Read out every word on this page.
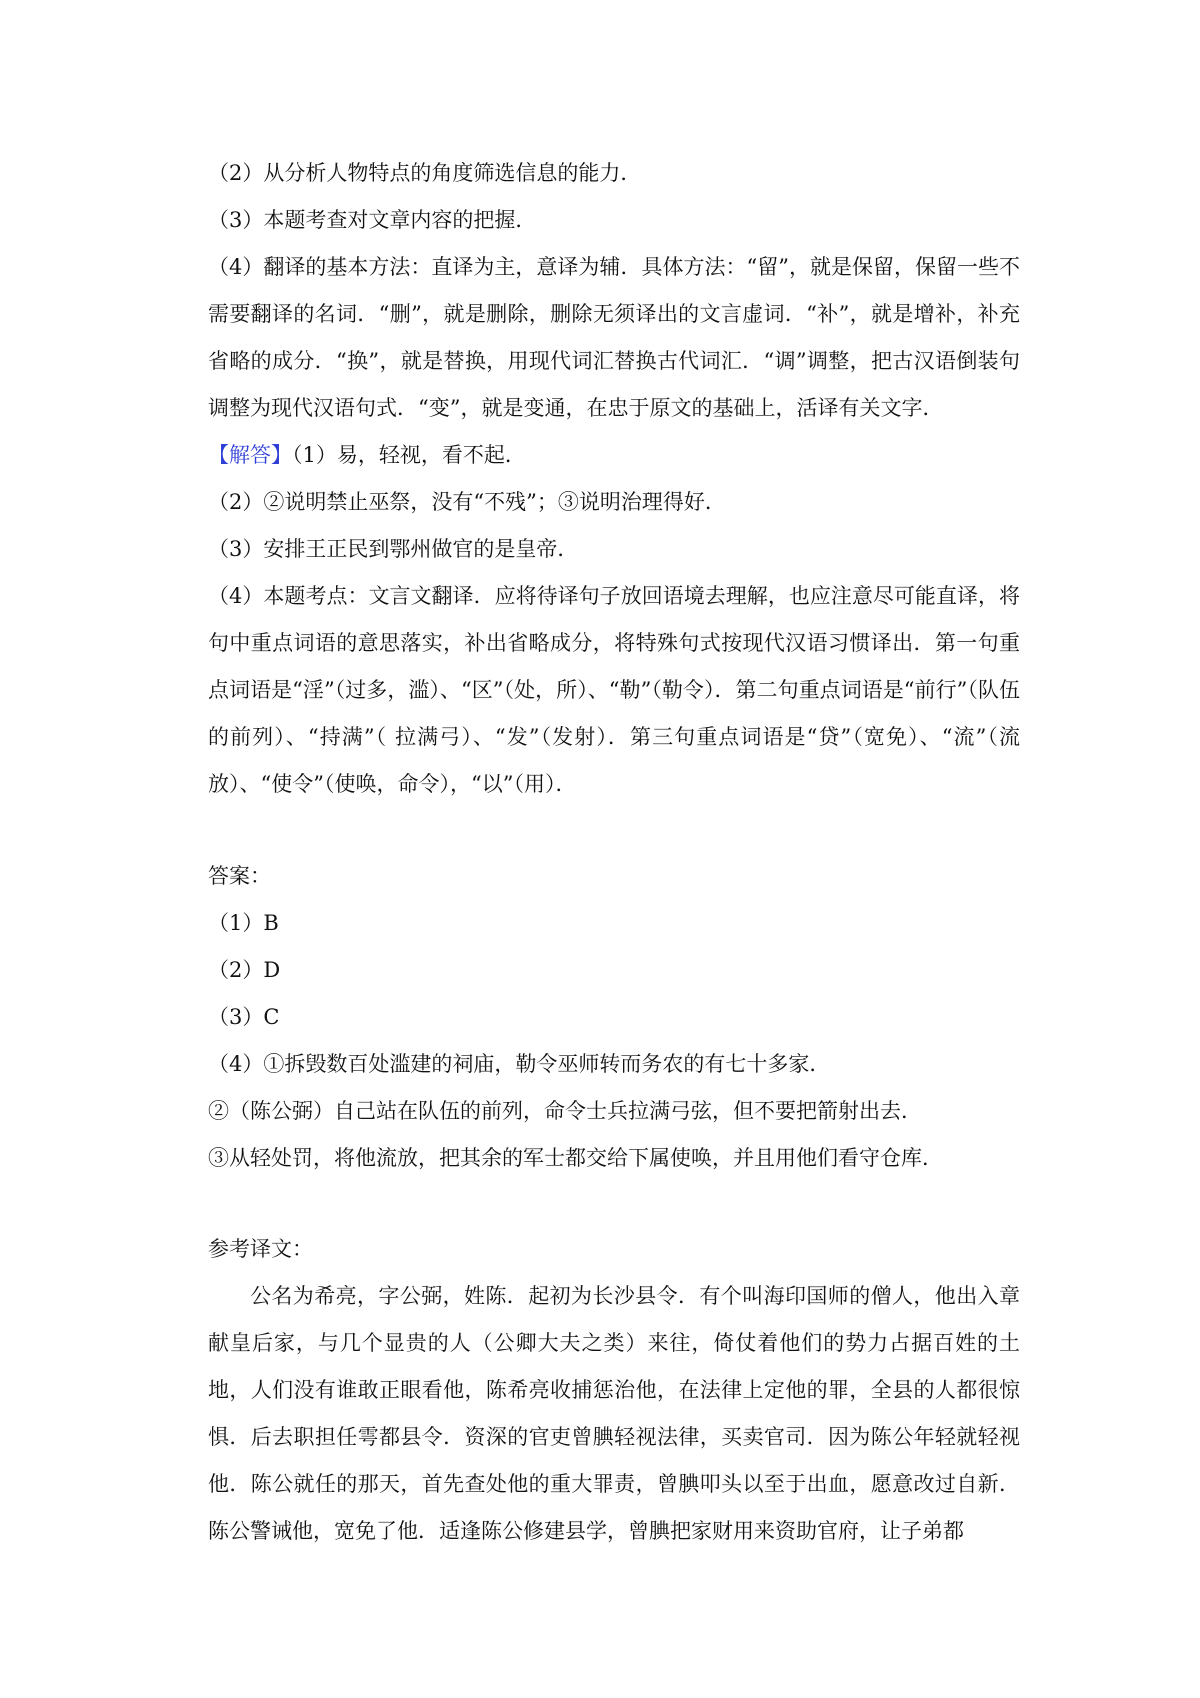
（2）从分析人物特点的角度筛选信息的能力．

（3）本题考查对文章内容的把握．

（4）翻译的基本方法：直译为主，意译为辅．具体方法：“留”，就是保留，保留一些不需要翻译的名词．“删”，就是删除，删除无须译出的文言虚词．“补”，就是增补，补充省略的成分．“换”，就是替换，用现代词汇替换古代词汇．“调”调整，把古汉语倒装句调整为现代汉语句式．“变”，就是变通，在忠于原文的基础上，活译有关文字．

【解答】（1）易，轻视，看不起．

（2）②说明禁止巫祭，没有“不残”；③说明治理得好．

（3）安排王正民到鄂州做官的是皇帝．

（4）本题考点：文言文翻译．应将待译句子放回语境去理解，也应注意尽可能直译，将句中重点词语的意思落实，补出省略成分，将特殊句式按现代汉语习惯译出．第一句重点词语是“淫”（过多，滥）、“区”（处，所）、“勒”（勒令）．第二句重点词语是“前行”（队伍的前列）、“持满”（ 拉满弓）、“发”（发射）．第三句重点词语是“贷”（宽免）、“流”（流放）、“使令”（使唤，命令），“以”（用）．

答案：

（1）B

（2）D

（3）C

（4）①拆毁数百处滥建的祠庙，勒令巫师转而务农的有七十多家．

②（陈公弼）自己站在队伍的前列，命令士兵拉满弓弦，但不要把箭射出去．

③从轻处罚，将他流放，把其余的军士都交给下属使唤，并且用他们看守仓库．

参考译文：

公名为希亮，字公弼，姓陈．起初为长沙县令．有个叫海印国师的僧人，他出入章献皇后家，与几个显贵的人（公卿大夫之类）来往，倚仗着他们的势力占据百姓的土地，人们没有谁敢正眼看他，陈希亮收捕惩治他，在法律上定他的罪，全县的人都很惊惧．后去职担任雩都县令．资深的官吏曾腆轻视法律，买卖官司．因为陈公年轻就轻视他．陈公就任的那天，首先查处他的重大罪责，曾腆叩头以至于出血，愿意改过自新．陈公警诫他，宽免了他．适逢陈公修建县学，曾腆把家财用来资助官府，让子弟都
